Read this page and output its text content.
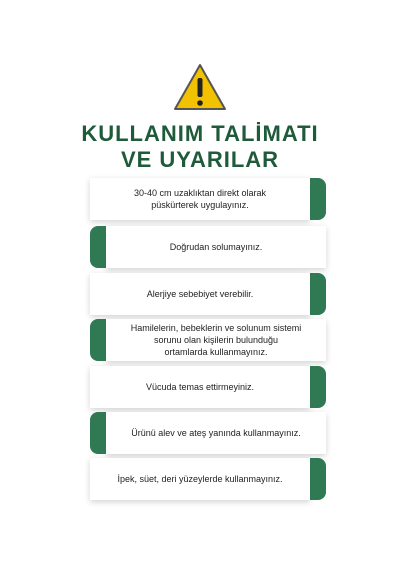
KULLANIM TALİMATI
VE UYARILAR
30-40 cm uzaklıktan direkt olarak
püskürterek uygulayınız.
Doğrudan solumayınız.
Alerjiye sebebiyet verebilir.
Hamilelerin, bebeklerin ve solunum sistemi
sorunu olan kişilerin bulunduğu
ortamlarda kullanmayınız.
Vücuda temas ettirmeyiniz.
Ürünü alev ve ateş yanında kullanmayınız.
İpek, süet, deri yüzeylerde kullanmayınız.
